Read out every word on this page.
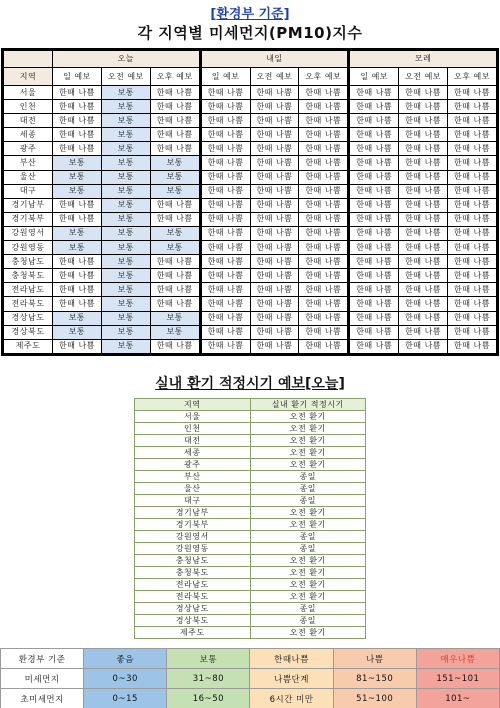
[환경부 기준]
각 지역별 미세먼지(PM10)지수
	오늘				내일				모레		
지역	일 예보	오전 예보	오후 예보		일 예보	오전 예보	오후 예보		일 예보	오전 예보	오후 예보
서울	한때 나쁨	보통	한때 나쁨		한때 나쁨	한때 나쁨	한때 나쁨		한때 나쁨	한때 나쁨	한때 나쁨
인천	한때 나쁨	보통	한때 나쁨		한때 나쁨	한때 나쁨	한때 나쁨		한때 나쁨	한때 나쁨	한때 나쁨
대전	한때 나쁨	보통	한때 나쁨		한때 나쁨	한때 나쁨	한때 나쁨		한때 나쁨	한때 나쁨	한때 나쁨
세종	한때 나쁨	보통	한때 나쁨		한때 나쁨	한때 나쁨	한때 나쁨		한때 나쁨	한때 나쁨	한때 나쁨
광주	한때 나쁨	보통	한때 나쁨		한때 나쁨	한때 나쁨	한때 나쁨		한때 나쁨	한때 나쁨	한때 나쁨
부산	보통	보통	보통		한때 나쁨	한때 나쁨	한때 나쁨		한때 나쁨	한때 나쁨	한때 나쁨
울산	보통	보통	보통		한때 나쁨	한때 나쁨	한때 나쁨		한때 나쁨	한때 나쁨	한때 나쁨
대구	보통	보통	보통		한때 나쁨	한때 나쁨	한때 나쁨		한때 나쁨	한때 나쁨	한때 나쁨
경기남부	한때 나쁨	보통	한때 나쁨		한때 나쁨	한때 나쁨	한때 나쁨		한때 나쁨	한때 나쁨	한때 나쁨
경기북부	한때 나쁨	보통	한때 나쁨		한때 나쁨	한때 나쁨	한때 나쁨		한때 나쁨	한때 나쁨	한때 나쁨
강원영서	보통	보통	보통		한때 나쁨	한때 나쁨	한때 나쁨		한때 나쁨	한때 나쁨	한때 나쁨
강원영동	보통	보통	보통		한때 나쁨	한때 나쁨	한때 나쁨		한때 나쁨	한때 나쁨	한때 나쁨
충청남도	한때 나쁨	보통	한때 나쁨		한때 나쁨	한때 나쁨	한때 나쁨		한때 나쁨	한때 나쁨	한때 나쁨
충청북도	한때 나쁨	보통	한때 나쁨		한때 나쁨	한때 나쁨	한때 나쁨		한때 나쁨	한때 나쁨	한때 나쁨
전라남도	한때 나쁨	보통	한때 나쁨		한때 나쁨	한때 나쁨	한때 나쁨		한때 나쁨	한때 나쁨	한때 나쁨
전라북도	한때 나쁨	보통	한때 나쁨		한때 나쁨	한때 나쁨	한때 나쁨		한때 나쁨	한때 나쁨	한때 나쁨
경상남도	보통	보통	보통		한때 나쁨	한때 나쁨	한때 나쁨		한때 나쁨	한때 나쁨	한때 나쁨
경상북도	보통	보통	보통		한때 나쁨	한때 나쁨	한때 나쁨		한때 나쁨	한때 나쁨	한때 나쁨
제주도	한때 나쁨	보통	한때 나쁨		한때 나쁨	한때 나쁨	한때 나쁨		한때 나쁨	한때 나쁨	한때 나쁨
실내 환기 적정시기 예보[오늘]
지역	실내 환기 적정시기
서울	오전 환기
인천	오전 환기
대전	오전 환기
세종	오전 환기
광주	오전 환기
부산	종일
울산	종일
대구	종일
경기남부	오전 환기
경기북부	오전 환기
강원영서	종일
강원영동	종일
충청남도	오전 환기
충청북도	오전 환기
전라남도	오전 환기
전라북도	오전 환기
경상남도	종일
경상북도	종일
제주도	오전 환기
환경부 기준	좋음	보통	한때나쁨	나쁨	매우나쁨
미세먼지	0~30	31~80	나쁨단계	81~150	151~101
초미세먼지	0~15	16~50	6시간 미만	51~100	101~
